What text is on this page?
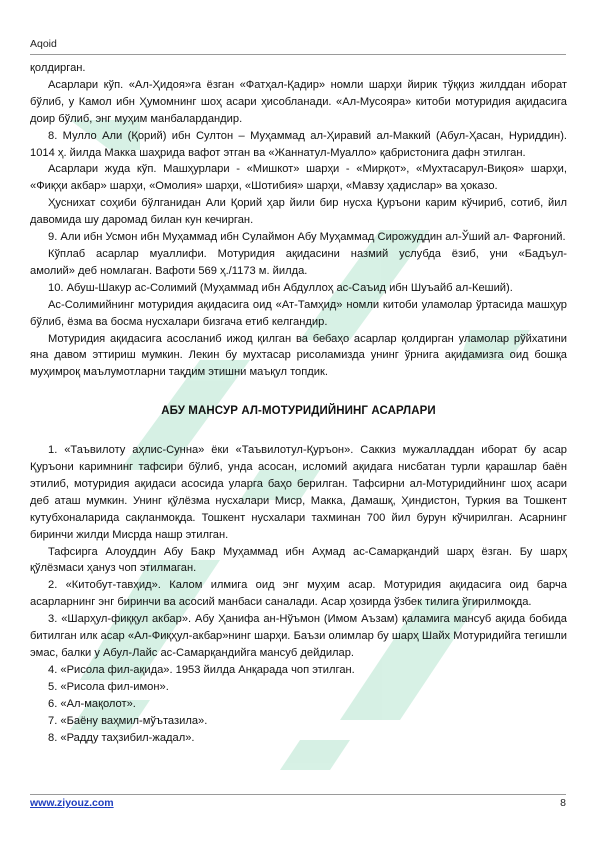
Aqoid

қолдирган.

Асарлари кўп. «Ал-Ҳидоя»га ёзган «Фатҳал-Қадир» номли шарҳи йирик тўққиз жилддан иборат бўлиб, у Камол ибн Ҳумомнинг шоҳ асари ҳисобланади. «Ал-Мусояра» китоби мотуридия ақидасига доир бўлиб, энг муҳим манбалардандир.

8. Мулло Али (Қорий) ибн Султон – Муҳаммад ал-Ҳиравий ал-Маккий (Абул-Ҳасан, Нуриддин). 1014 ҳ. йилда Макка шаҳрида вафот этган ва «Жаннатул-Муалло» қабристонига дафн этилган.

Асарлари жуда кўп. Машҳурлари - «Мишкот» шарҳи - «Мирқот», «Мухтасарул-Виқоя» шарҳи, «Фиқҳи акбар» шарҳи, «Омолия» шарҳи, «Шотибия» шарҳи, «Мавзу ҳадислар» ва ҳоказо.

Ҳуснихат соҳиби бўлганидан Али Қорий ҳар йили бир нусха Қуръони карим кўчириб, сотиб, йил давомида шу даромад билан кун кечирган.

9. Али ибн Усмон ибн Муҳаммад ибн Сулаймон Абу Муҳаммад Сирожуддин ал-Ўший ал- Фарғоний.

Кўплаб асарлар муаллифи. Мотуридия ақидасини назмий услубда ёзиб, уни «Бадъул-

амолий» деб номлаган. Вафоти 569 ҳ./1173 м. йилда.

10. Абуш-Шакур ас-Солимий (Муҳаммад ибн Абдуллоҳ ас-Саъид ибн Шуъайб ал-Кеший).

Ас-Солимийнинг мотуридия ақидасига оид «Ат-Тамҳид» номли китоби уламолар ўртасида машҳур бўлиб, ёзма ва босма нусхалари бизгача етиб келгандир.

Мотуридия ақидасига асосланиб ижод қилган ва бебаҳо асарлар қолдирган уламолар рўйхатини яна давом эттириш мумкин. Лекин бу мухтасар рисоламизда унинг ўрнига ақидамизга оид бошқа муҳимроқ маълумотларни тақдим этишни маъқул топдик.

АБУ МАНСУР АЛ-МОТУРИДИЙНИНГ АСАРЛАРИ

1. «Таъвилоту аҳлис-Сунна» ёки «Таъвилотул-Қуръон». Саккиз мужалладдан иборат бу асар Қуръони каримнинг тафсири бўлиб, унда асосан, исломий ақидага нисбатан турли қарашлар баён этилиб, мотуридия ақидаси асосида уларга баҳо берилган. Тафсирни ал-Мотуридийнинг шоҳ асари деб аташ мумкин. Унинг қўлёзма нусхалари Миср, Макка, Дамашқ, Ҳиндистон, Туркия ва Тошкент кутубхоналарида сақланмоқда. Тошкент нусхалари тахминан 700 йил бурун кўчирилган. Асарнинг биринчи жилди Мисрда нашр этилган.

Тафсирга Алоуддин Абу Бакр Муҳаммад ибн Аҳмад ас-Самарқандий шарҳ ёзган. Бу шарҳ қўлёзмаси ҳануз чоп этилмаган.

2. «Китобут-тавҳид». Калом илмига оид энг муҳим асар. Мотуридия ақидасига оид барча асарларнинг энг биринчи ва асосий манбаси саналади. Асар ҳозирда ўзбек тилига ўгирилмоқда.

3. «Шарҳул-фиққул акбар». Абу Ҳанифа ан-Нўъмон (Имом Аъзам) қаламига мансуб ақида бобида битилган илк асар «Ал-Фиқҳул-акбар»нинг шарҳи. Баъзи олимлар бу шарҳ Шайх Мотуридийга тегишли эмас, балки у Абул-Лайс ас-Самарқандийга мансуб дейдилар.

4. «Рисола фил-ақида». 1953 йилда Анқарада чоп этилган.

5. «Рисола фил-имон».

6. «Ал-мақолот».

7. «Баёну ваҳмил-мўътазила».

8. «Радду таҳзибил-жадал».

www.ziyouz.com	8
